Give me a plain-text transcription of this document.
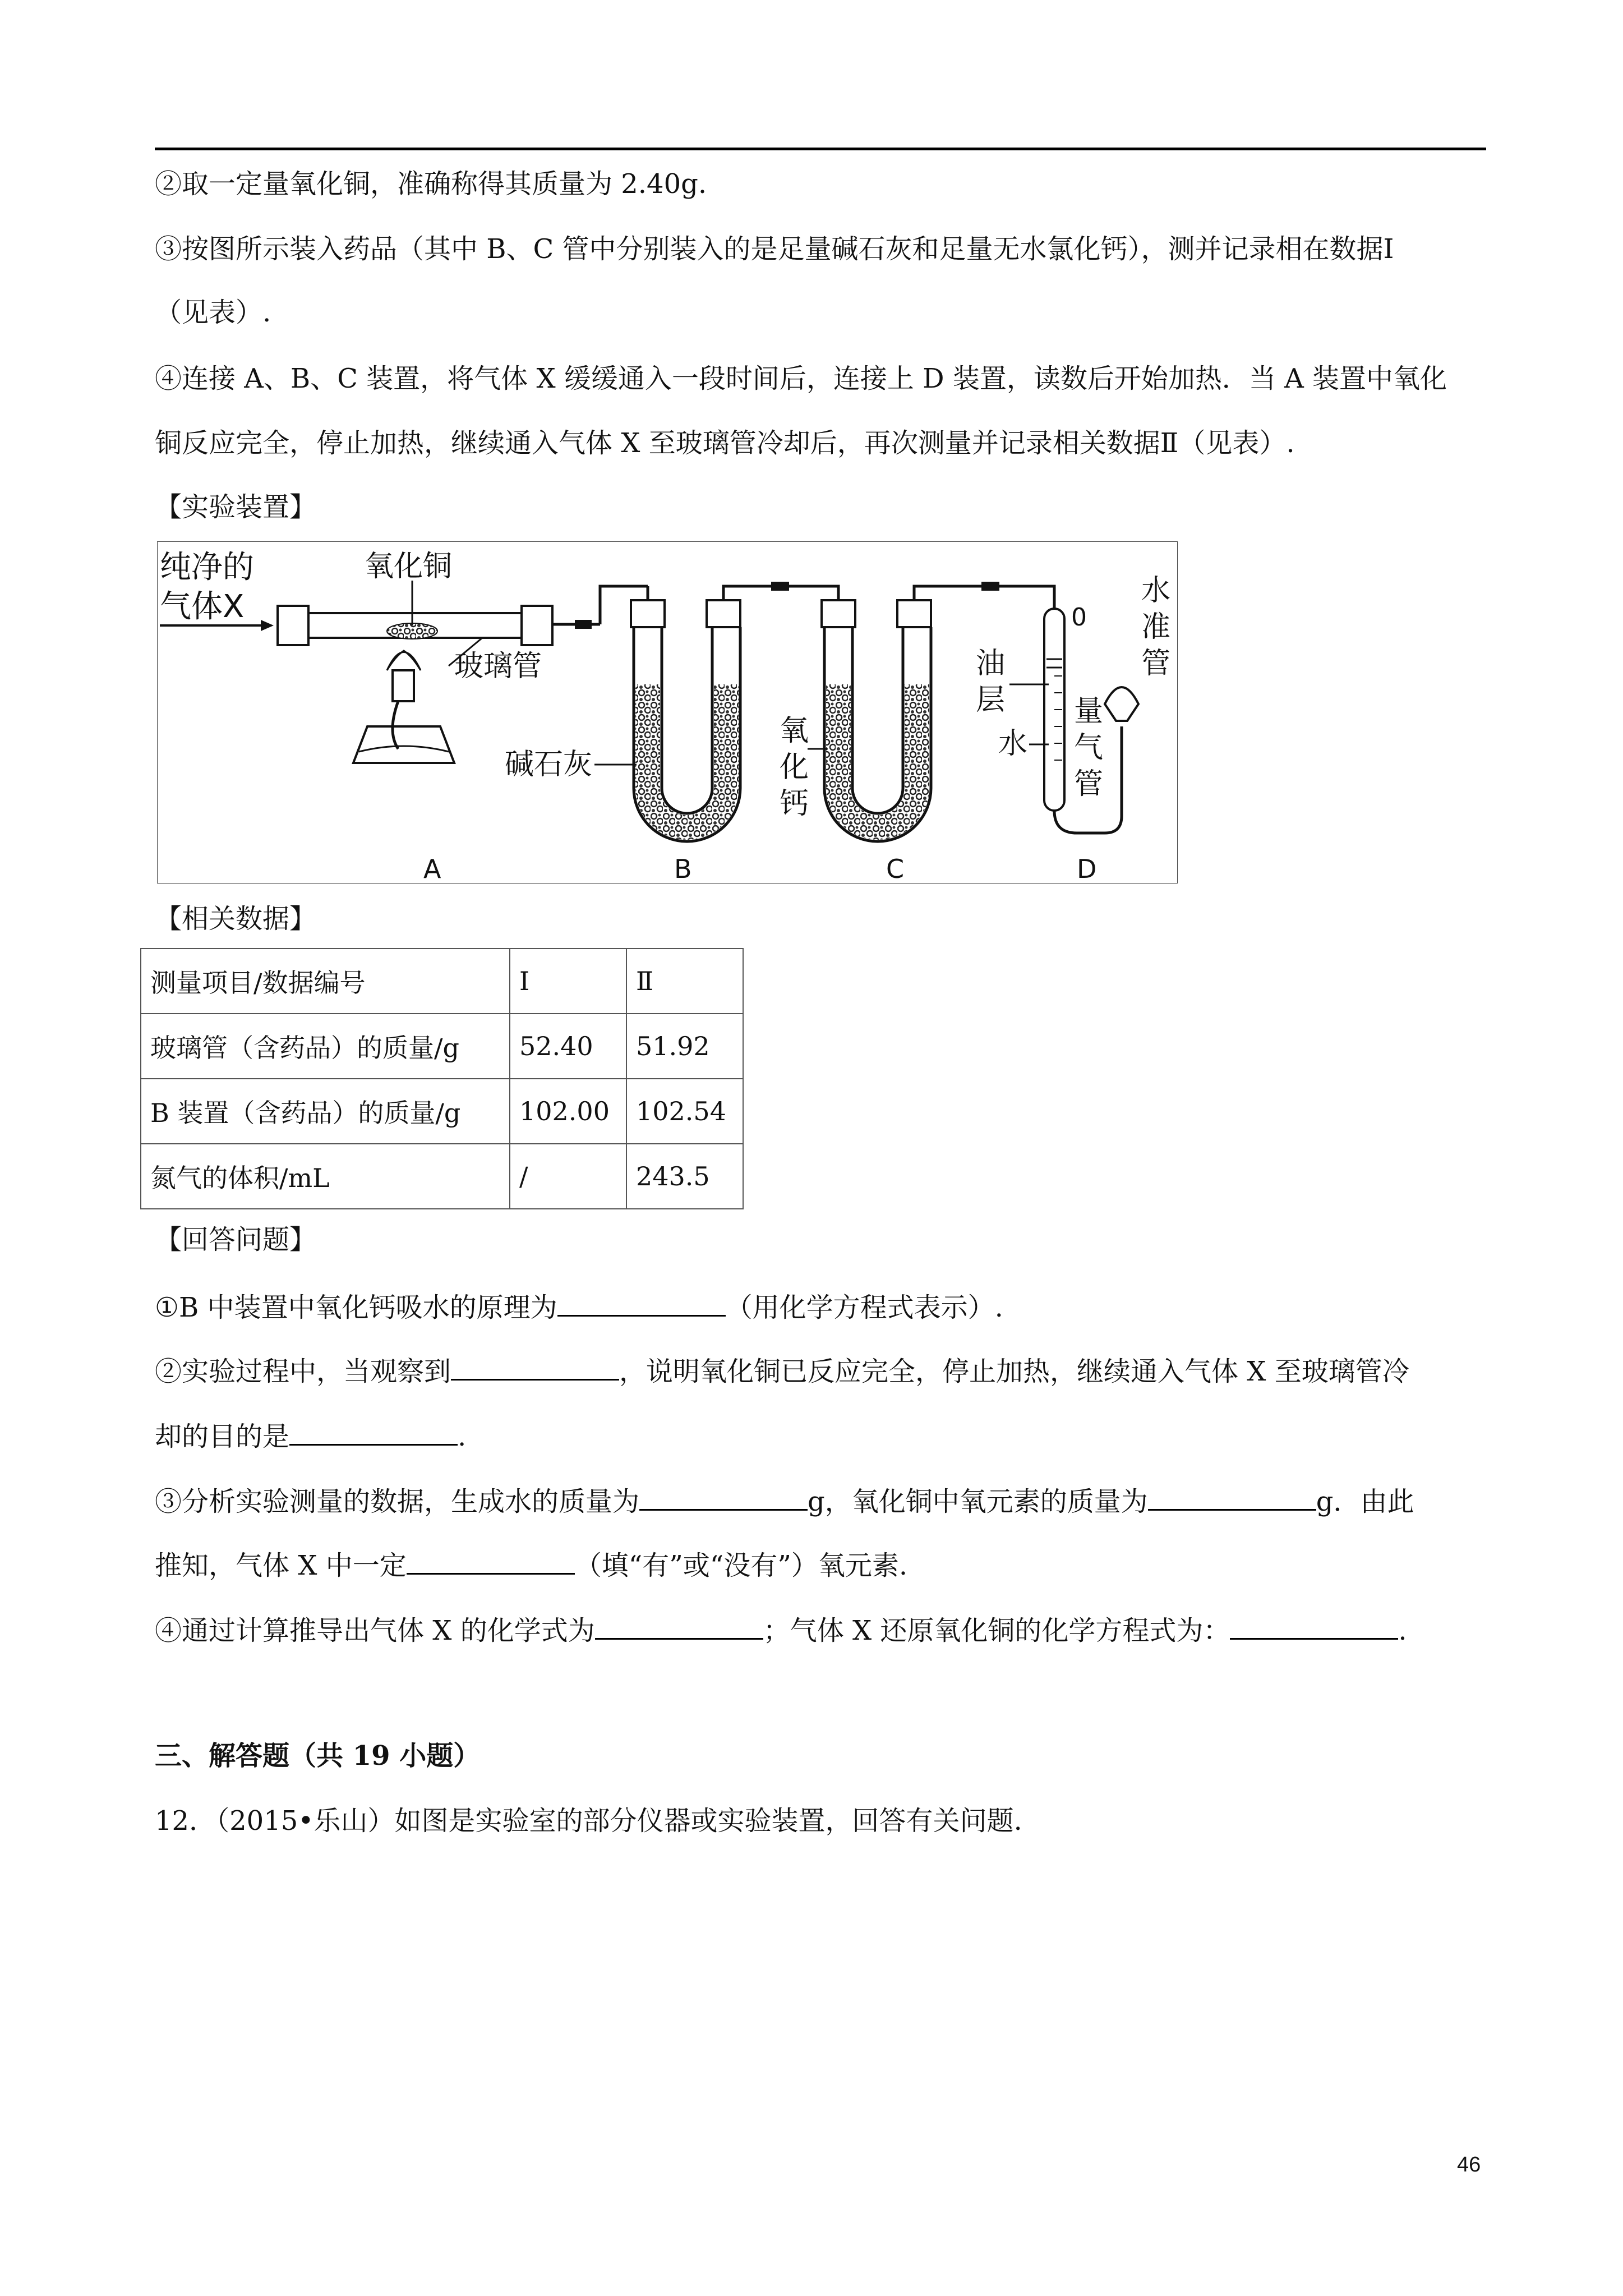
②取一定量氧化铜，准确称得其质量为 2.40g.
③按图所示装入药品（其中 B、C 管中分别装入的是足量碱石灰和足量无水氯化钙），测并记录相在数据Ⅰ
（见表）.
④连接 A、B、C 装置，将气体 X 缓缓通入一段时间后，连接上 D 装置，读数后开始加热．当 A 装置中氧化
铜反应完全，停止加热，继续通入气体 X 至玻璃管冷却后，再次测量并记录相关数据Ⅱ（见表）.
【实验装置】
纯净的
气体X
氧化铜
玻璃管
碱石灰
氧
化
钙
0
油
层
水
量
气
管
水
准
管
A	B	C	D
【相关数据】
测量项目/数据编号	Ⅰ	Ⅱ
玻璃管（含药品）的质量/g	52.40	51.92
B 装置（含药品）的质量/g	102.00	102.54
氮气的体积/mL	/	243.5
【回答问题】
①B 中装置中氧化钙吸水的原理为	（用化学方程式表示）.
②实验过程中，当观察到	，说明氧化铜已反应完全，停止加热，继续通入气体 X 至玻璃管冷
却的目的是	.
③分析实验测量的数据，生成水的质量为	g，氧化铜中氧元素的质量为	g．由此
推知，气体 X 中一定	（填“有”或“没有”）氧元素.
④通过计算推导出气体 X 的化学式为	；气体 X 还原氧化铜的化学方程式为：	.
三、解答题（共 19 小题）
12．（2015•乐山）如图是实验室的部分仪器或实验装置，回答有关问题.
46
